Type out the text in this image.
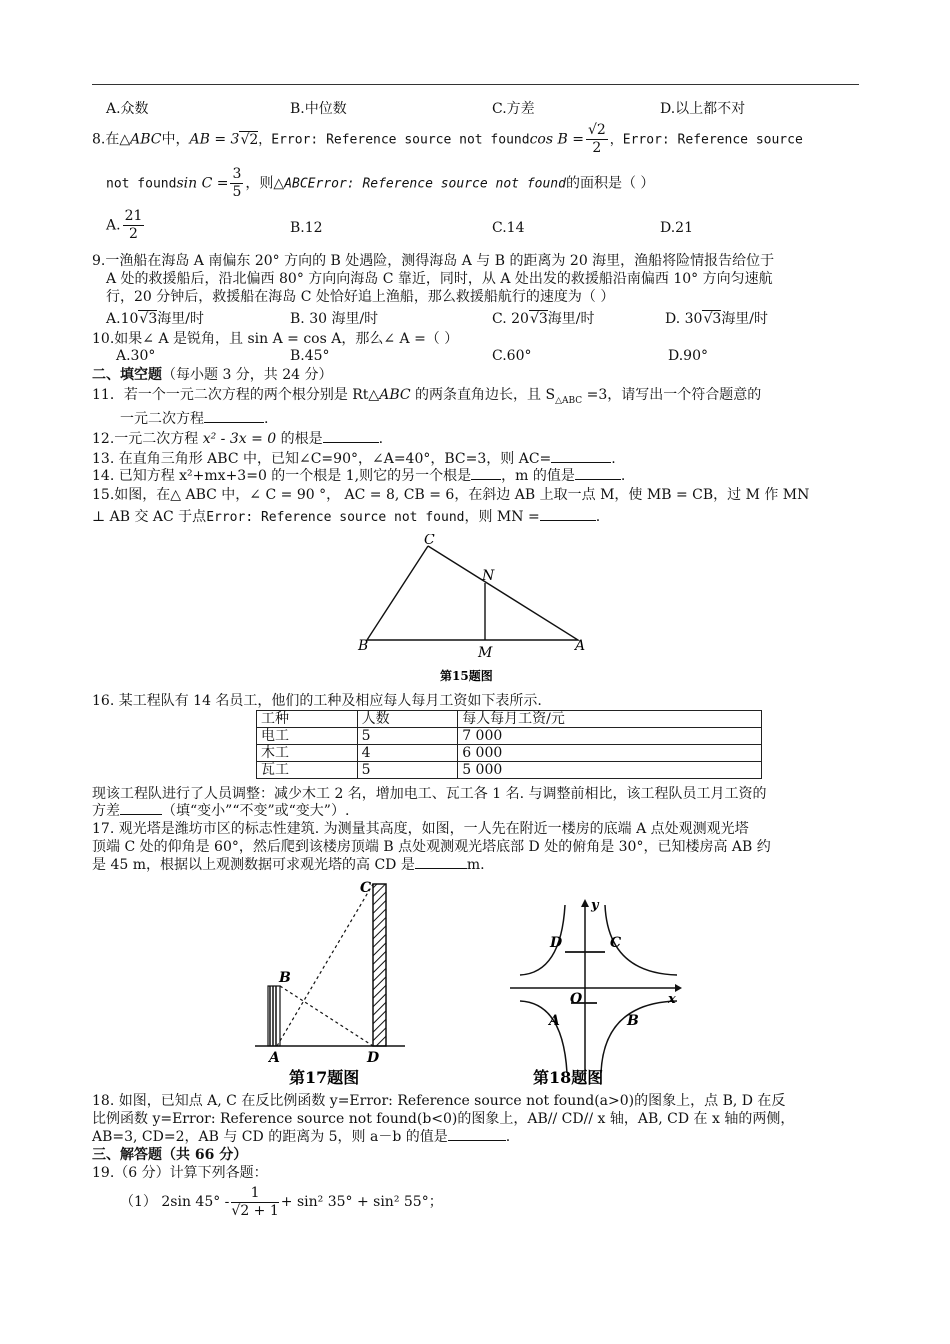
A.众数	B.中位数	C.方差	D.以上都不对
8.在△ABC中，AB = 3√2，Error: Reference source not foundcos $B = \frac{√2}{2}$ ，Error: Reference source
not foundsin $C = \frac{3}{5}$ ，则△ABCError: Reference source not found的面积是（ ）
A. $\frac{21}{2}$	B.12	C.14	D.21
9.一渔船在海岛 A 南偏东 20° 方向的 B 处遇险，测得海岛 A 与 B 的距离为 20 海里，渔船将险情报告给位于
A 处的救援船后，沿北偏西 80° 方向向海岛 C 靠近，同时，从 A 处出发的救援船沿南偏西 10° 方向匀速航
行，20 分钟后，救援船在海岛 C 处恰好追上渔船，那么救援船航行的速度为（ ）
A.10√3海里/时	B. 30 海里/时	C. 20√3海里/时	D. 30√3海里/时
10.如果∠ A 是锐角，且 sin A = cos A，那么∠ A =（ ）
A.30°	B.45°	C.60°	D.90°
二、填空题（每小题 3 分，共 24 分）
11．若一个一元二次方程的两个根分别是 Rt△ABC 的两条直角边长，且 $S_{\triangle ABC} =3$，请写出一个符合题意的
一元二次方程	.
12.一元二次方程 x² - 3x = 0 的根是	.
13. 在直角三角形 ABC 中，已知∠C=90°，∠A=40°，BC=3，则 AC=	.
14. 已知方程 x²+mx+3=0 的一个根是 1,则它的另一个根是 ，m 的值是	.
15.如图，在△ ABC 中，∠ C = 90 °， AC = 8, CB = 6，在斜边 AB 上取一点 M，使 MB = CB，过 M 作 MN
⊥ AB 交 AC 于点Error: Reference source not found，则 MN =	.
C
N
B	M	A
第15题图
16. 某工程队有 14 名员工，他们的工种及相应每人每月工资如下表所示.
工种	人数	每人每月工资/元
电工	5	7 000
木工	4	6 000
瓦工	5	5 000
现该工程队进行了人员调整：减少木工 2 名，增加电工、瓦工各 1 名. 与调整前相比，该工程队员工月工资的
方差	（填“变小”“不变”或“变大”）.
17. 观光塔是潍坊市区的标志性建筑. 为测量其高度，如图，一人先在附近一楼房的底端 A 点处观测观光塔
顶端 C 处的仰角是 60°，然后爬到该楼房顶端 B 点处观测观光塔底部 D 处的俯角是 30°，已知楼房高 AB 约
是 45 m，根据以上观测数据可求观光塔的高 CD 是	m.
C
B
A	D
第17题图
y
x
O
D	C
A	B
第18题图
18. 如图，已知点 A, C 在反比例函数 y=Error: Reference source not found(a>0)的图象上，点 B, D 在反
比例函数 y=Error: Reference source not found(b<0)的图象上，AB// CD// x 轴，AB, CD 在 x 轴的两侧，
AB=3, CD=2，AB 与 CD 的距离为 5，则 a－b 的值是	.
三、解答题（共 66 分）
19.（6 分）计算下列各题：
（1） 2sin $45^\circ - \frac{1}{√2 + 1} + \sin^2$ 35° + sin² 55°；
